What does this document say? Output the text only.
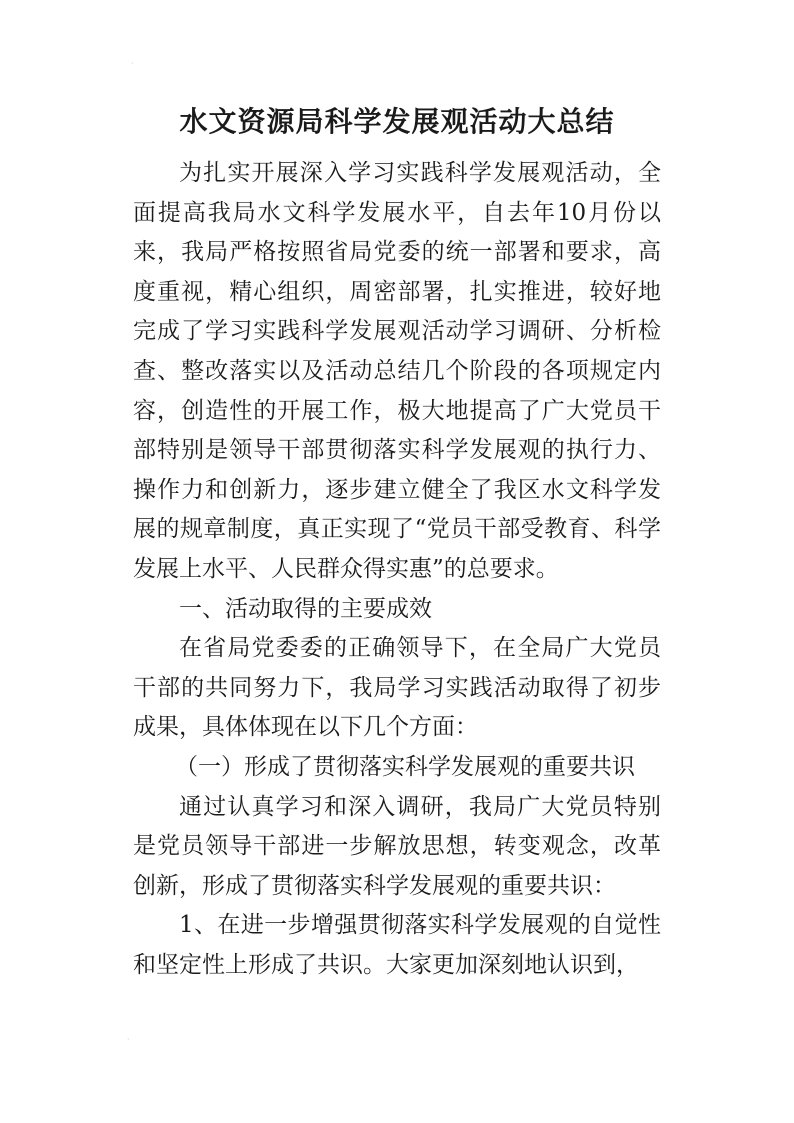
·
水文资源局科学发展观活动大总结

为扎实开展深入学习实践科学发展观活动，全面提高我局水文科学发展水平，自去年10月份以来，我局严格按照省局党委的统一部署和要求，高度重视，精心组织，周密部署，扎实推进，较好地完成了学习实践科学发展观活动学习调研、分析检查、整改落实以及活动总结几个阶段的各项规定内容，创造性的开展工作，极大地提高了广大党员干部特别是领导干部贯彻落实科学发展观的执行力、操作力和创新力，逐步建立健全了我区水文科学发展的规章制度，真正实现了“党员干部受教育、科学发展上水平、人民群众得实惠”的总要求。

一、活动取得的主要成效

在省局党委委的正确领导下，在全局广大党员干部的共同努力下，我局学习实践活动取得了初步成果，具体体现在以下几个方面：

（一）形成了贯彻落实科学发展观的重要共识

通过认真学习和深入调研，我局广大党员特别是党员领导干部进一步解放思想，转变观念，改革创新，形成了贯彻落实科学发展观的重要共识：

1、在进一步增强贯彻落实科学发展观的自觉性和坚定性上形成了共识。大家更加深刻地认识到，

·
